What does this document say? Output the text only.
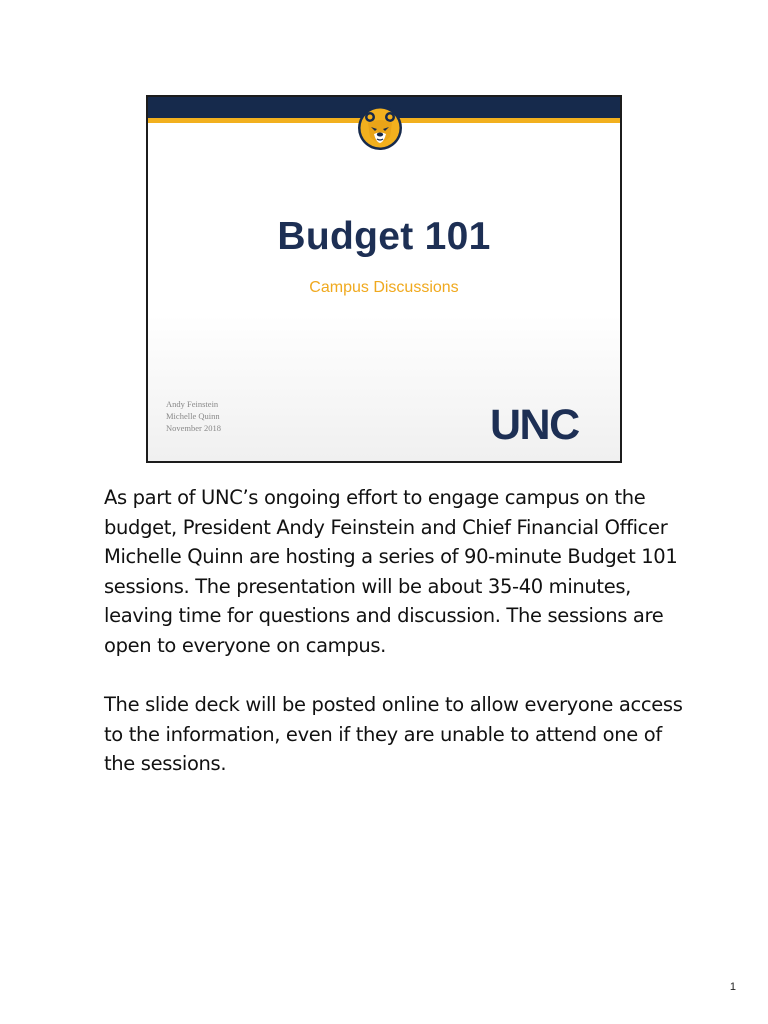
Budget 101
Campus Discussions
Andy Feinstein
Michelle Quinn
November 2018	UNC

As part of UNC’s ongoing effort to engage campus on the budget, President Andy Feinstein and Chief Financial Officer Michelle Quinn are hosting a series of 90-minute Budget 101 sessions. The presentation will be about 35-40 minutes, leaving time for questions and discussion. The sessions are open to everyone on campus.

The slide deck will be posted online to allow everyone access to the information, even if they are unable to attend one of the sessions.

1
